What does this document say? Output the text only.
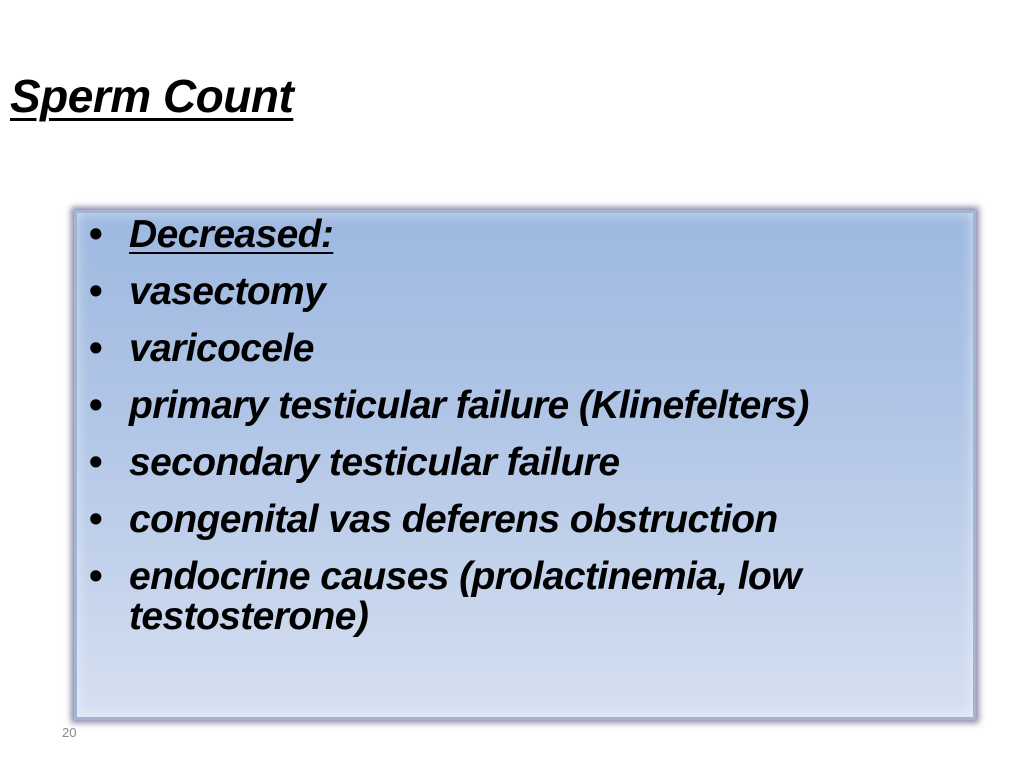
Sperm Count
• Decreased:
• vasectomy
• varicocele
• primary testicular failure (Klinefelters)
• secondary testicular failure
• congenital vas deferens obstruction
• endocrine causes (prolactinemia, low testosterone)
20
